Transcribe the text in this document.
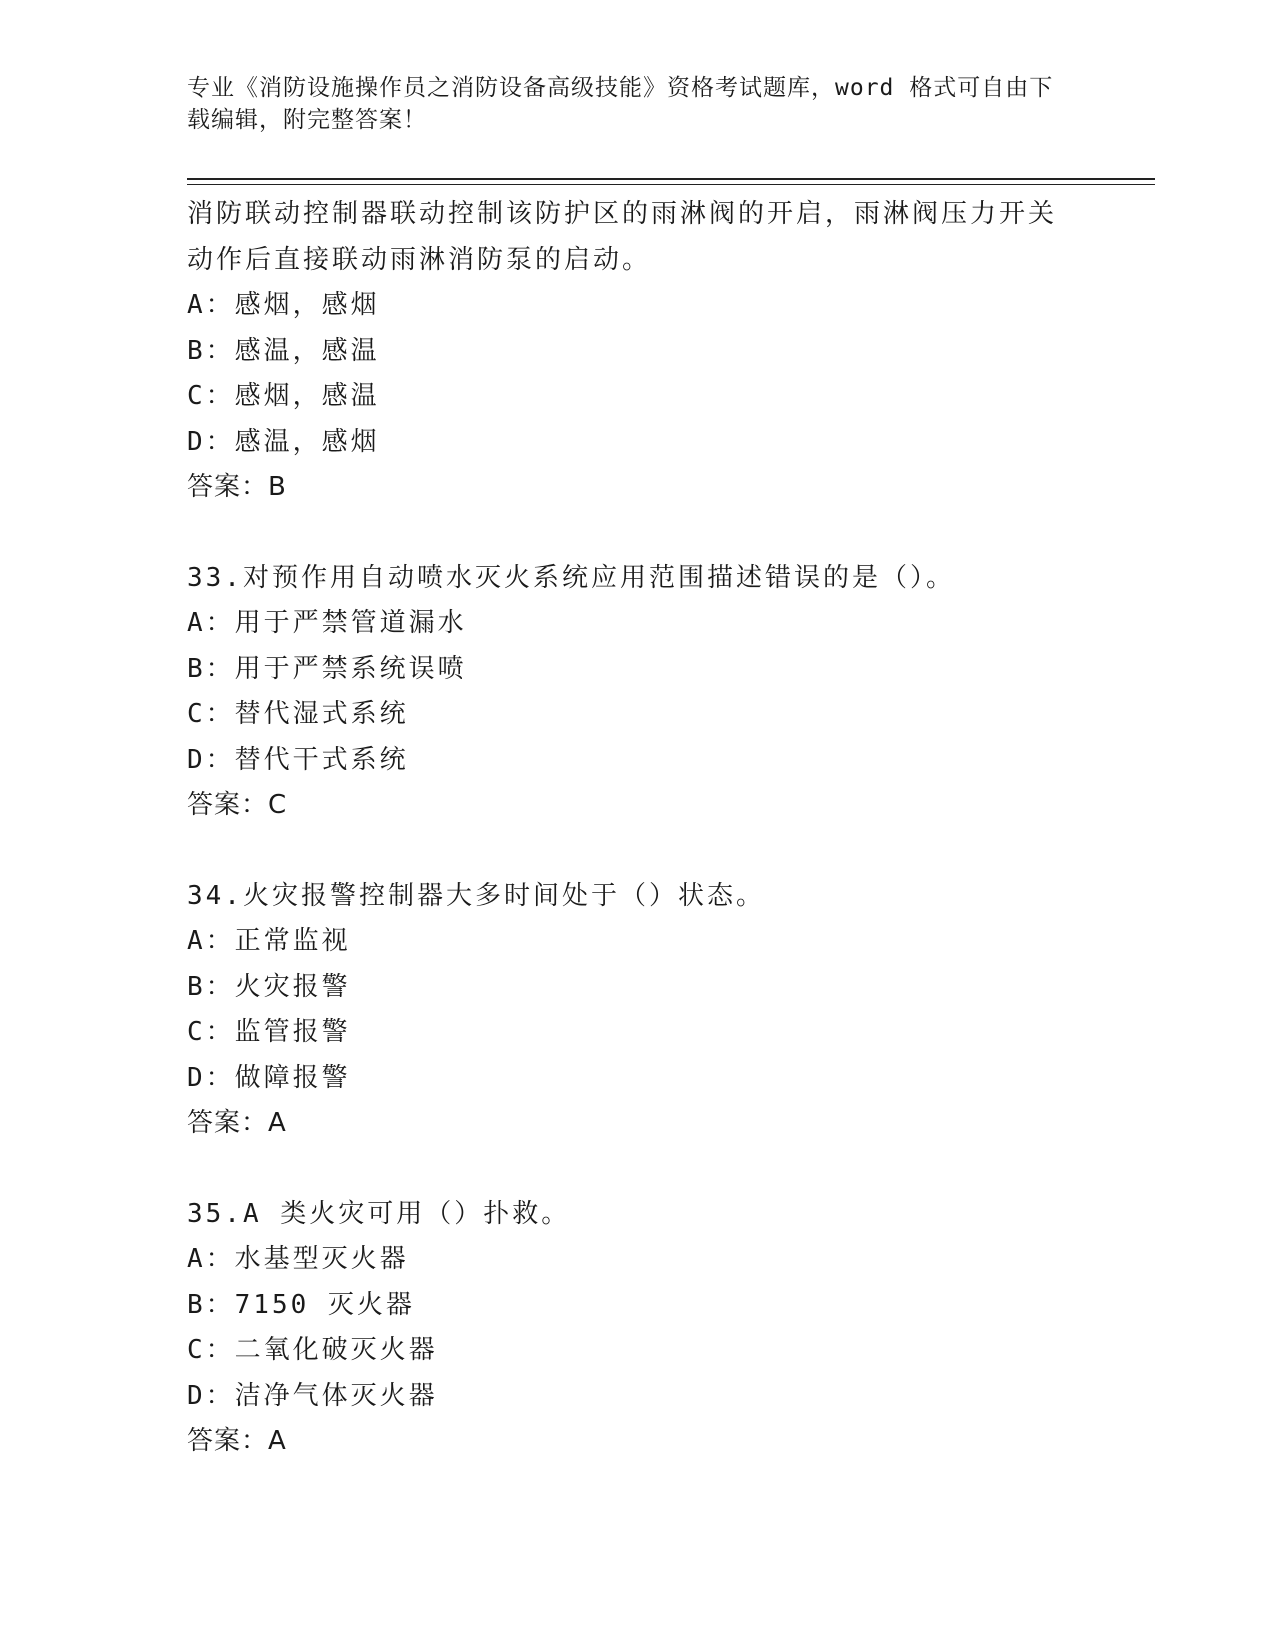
专业《消防设施操作员之消防设备高级技能》资格考试题库，word 格式可自由下
载编辑，附完整答案！
消防联动控制器联动控制该防护区的雨淋阀的开启，雨淋阀压力开关
动作后直接联动雨淋消防泵的启动。
A：感烟，感烟
B：感温，感温
C：感烟，感温
D：感温，感烟
答案：B
33.对预作用自动喷水灭火系统应用范围描述错误的是（）。
A：用于严禁管道漏水
B：用于严禁系统误喷
C：替代湿式系统
D：替代干式系统
答案：C
34.火灾报警控制器大多时间处于（）状态。
A：正常监视
B：火灾报警
C：监管报警
D：做障报警
答案：A
35.A 类火灾可用（）扑救。
A：水基型灭火器
B：7150 灭火器
C：二氧化破灭火器
D：洁净气体灭火器
答案：A
